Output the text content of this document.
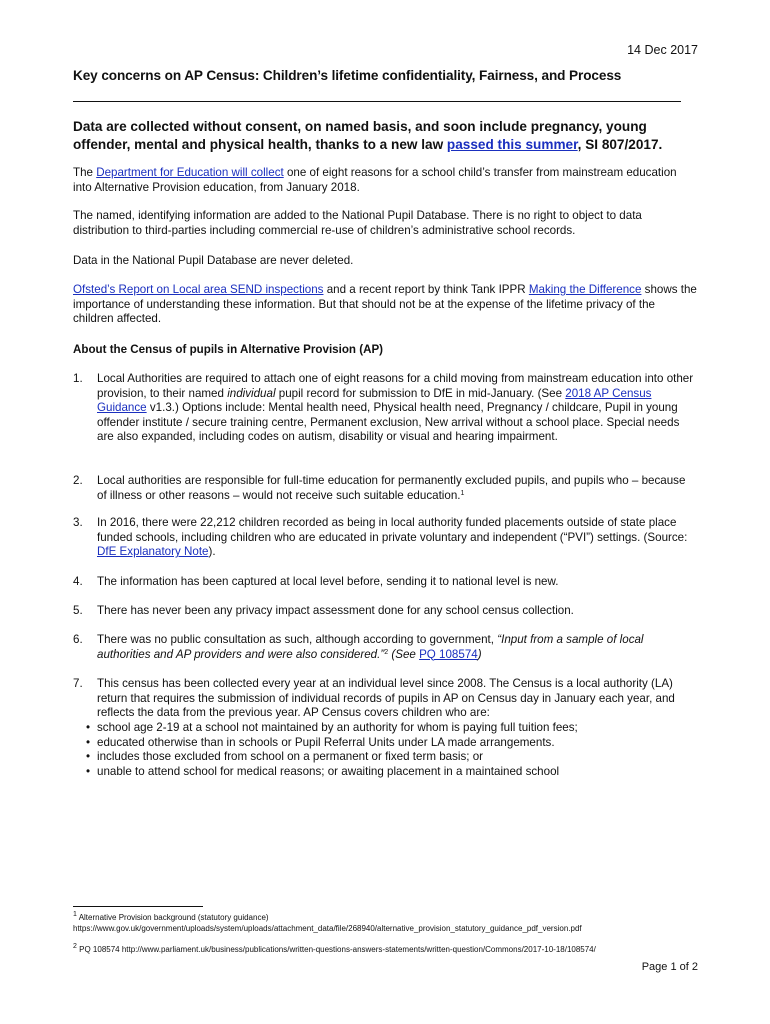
14 Dec 2017
Key concerns on AP Census: Children’s lifetime confidentiality, Fairness, and Process
Data are collected without consent, on named basis, and soon include pregnancy, young offender, mental and physical health, thanks to a new law passed this summer, SI 807/2017.
The Department for Education will collect one of eight reasons for a school child’s transfer from mainstream education into Alternative Provision education, from January 2018.
The named, identifying information are added to the National Pupil Database. There is no right to object to data distribution to third-parties including commercial re-use of children’s administrative school records.
Data in the National Pupil Database are never deleted.
Ofsted’s Report on Local area SEND inspections and a recent report by think Tank IPPR Making the Difference shows the importance of understanding these information. But that should not be at the expense of the lifetime privacy of the children affected.
About the Census of pupils in Alternative Provision (AP)
1.	Local Authorities are required to attach one of eight reasons for a child moving from mainstream education into other provision, to their named individual pupil record for submission to DfE in mid-January. (See 2018 AP Census Guidance v1.3.) Options include: Mental health need, Physical health need, Pregnancy / childcare, Pupil in young offender institute / secure training centre, Permanent exclusion, New arrival without a school place. Special needs are also expanded, including codes on autism, disability or visual and hearing impairment.
2.	Local authorities are responsible for full-time education for permanently excluded pupils, and pupils who – because of illness or other reasons – would not receive such suitable education.$^1$
3.	In 2016, there were 22,212 children recorded as being in local authority funded placements outside of state place funded schools, including children who are educated in private voluntary and independent (“PVI”) settings. (Source: DfE Explanatory Note).
4.	The information has been captured at local level before, sending it to national level is new.
5.	There has never been any privacy impact assessment done for any school census collection.
6.	There was no public consultation as such, although according to government, “Input from a sample of local authorities and AP providers and were also considered.”$^2$ (See PQ 108574)
7.	This census has been collected every year at an individual level since 2008. The Census is a local authority (LA) return that requires the submission of individual records of pupils in AP on Census day in January each year, and reflects the data from the previous year. AP Census covers children who are:
• school age 2-19 at a school not maintained by an authority for whom is paying full tuition fees;
• educated otherwise than in schools or Pupil Referral Units under LA made arrangements.
• includes those excluded from school on a permanent or fixed term basis; or
• unable to attend school for medical reasons; or awaiting placement in a maintained school
$^1$ Alternative Provision background (statutory guidance) https://www.gov.uk/government/uploads/system/uploads/attachment_data/file/268940/alternative_provision_statutory_guidance_pdf_version.pdf
$^2$ PQ 108574 http://www.parliament.uk/business/publications/written-questions-answers-statements/written-question/Commons/2017-10-18/108574/
Page 1 of 2
